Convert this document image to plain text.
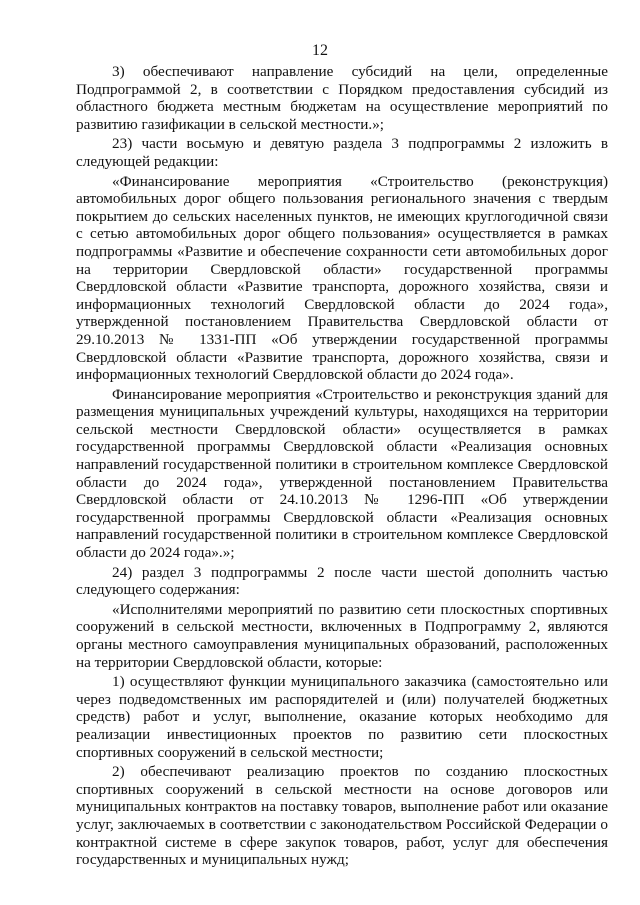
12

3) обеспечивают направление субсидий на цели, определенные Подпрограммой 2, в соответствии с Порядком предоставления субсидий из областного бюджета местным бюджетам на осуществление мероприятий по развитию газификации в сельской местности.»;

23) части восьмую и девятую раздела 3 подпрограммы 2 изложить в следующей редакции:

«Финансирование мероприятия «Строительство (реконструкция) автомобильных дорог общего пользования регионального значения с твердым покрытием до сельских населенных пунктов, не имеющих круглогодичной связи с сетью автомобильных дорог общего пользования» осуществляется в рамках подпрограммы «Развитие и обеспечение сохранности сети автомобильных дорог на территории Свердловской области» государственной программы Свердловской области «Развитие транспорта, дорожного хозяйства, связи и информационных технологий Свердловской области до 2024 года», утвержденной постановлением Правительства Свердловской области от 29.10.2013 № 1331-ПП «Об утверждении государственной программы Свердловской области «Развитие транспорта, дорожного хозяйства, связи и информационных технологий Свердловской области до 2024 года».

Финансирование мероприятия «Строительство и реконструкция зданий для размещения муниципальных учреждений культуры, находящихся на территории сельской местности Свердловской области» осуществляется в рамках государственной программы Свердловской области «Реализация основных направлений государственной политики в строительном комплексе Свердловской области до 2024 года», утвержденной постановлением Правительства Свердловской области от 24.10.2013 № 1296-ПП «Об утверждении государственной программы Свердловской области «Реализация основных направлений государственной политики в строительном комплексе Свердловской области до 2024 года».»;

24) раздел 3 подпрограммы 2 после части шестой дополнить частью следующего содержания:

«Исполнителями мероприятий по развитию сети плоскостных спортивных сооружений в сельской местности, включенных в Подпрограмму 2, являются органы местного самоуправления муниципальных образований, расположенных на территории Свердловской области, которые:

1) осуществляют функции муниципального заказчика (самостоятельно или через подведомственных им распорядителей и (или) получателей бюджетных средств) работ и услуг, выполнение, оказание которых необходимо для реализации инвестиционных проектов по развитию сети плоскостных спортивных сооружений в сельской местности;

2) обеспечивают реализацию проектов по созданию плоскостных спортивных сооружений в сельской местности на основе договоров или муниципальных контрактов на поставку товаров, выполнение работ или оказание услуг, заключаемых в соответствии с законодательством Российской Федерации о контрактной системе в сфере закупок товаров, работ, услуг для обеспечения государственных и муниципальных нужд;
